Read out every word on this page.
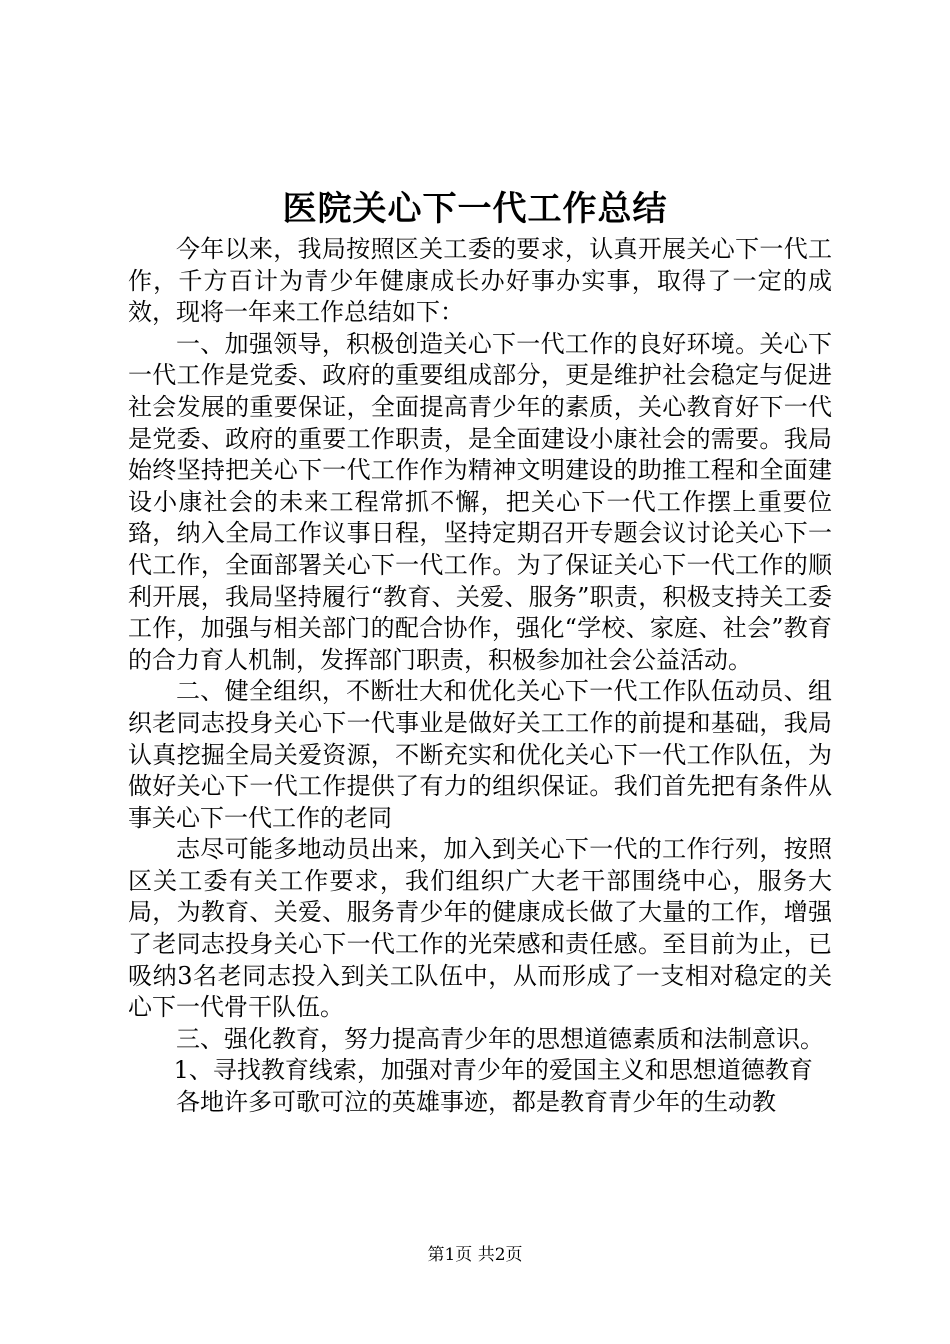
医院关心下一代工作总结

今年以来，我局按照区关工委的要求，认真开展关心下一代工作，千方百计为青少年健康成长办好事办实事，取得了一定的成效，现将一年来工作总结如下：

一、加强领导，积极创造关心下一代工作的良好环境。关心下一代工作是党委、政府的重要组成部分，更是维护社会稳定与促进社会发展的重要保证，全面提高青少年的素质，关心教育好下一代是党委、政府的重要工作职责，是全面建设小康社会的需要。我局始终坚持把关心下一代工作作为精神文明建设的助推工程和全面建设小康社会的未来工程常抓不懈，把关心下一代工作摆上重要位臵，纳入全局工作议事日程，坚持定期召开专题会议讨论关心下一代工作，全面部署关心下一代工作。为了保证关心下一代工作的顺利开展，我局坚持履行“教育、关爱、服务”职责，积极支持关工委工作，加强与相关部门的配合协作，强化“学校、家庭、社会”教育的合力育人机制，发挥部门职责，积极参加社会公益活动。

二、健全组织，不断壮大和优化关心下一代工作队伍动员、组织老同志投身关心下一代事业是做好关工工作的前提和基础，我局认真挖掘全局关爱资源，不断充实和优化关心下一代工作队伍，为做好关心下一代工作提供了有力的组织保证。我们首先把有条件从事关心下一代工作的老同

志尽可能多地动员出来，加入到关心下一代的工作行列，按照区关工委有关工作要求，我们组织广大老干部围绕中心，服务大局，为教育、关爱、服务青少年的健康成长做了大量的工作，增强了老同志投身关心下一代工作的光荣感和责任感。至目前为止，已吸纳3名老同志投入到关工队伍中，从而形成了一支相对稳定的关心下一代骨干队伍。

三、强化教育，努力提高青少年的思想道德素质和法制意识。

1、寻找教育线索，加强对青少年的爱国主义和思想道德教育

各地许多可歌可泣的英雄事迹，都是教育青少年的生动教

第1页 共2页
